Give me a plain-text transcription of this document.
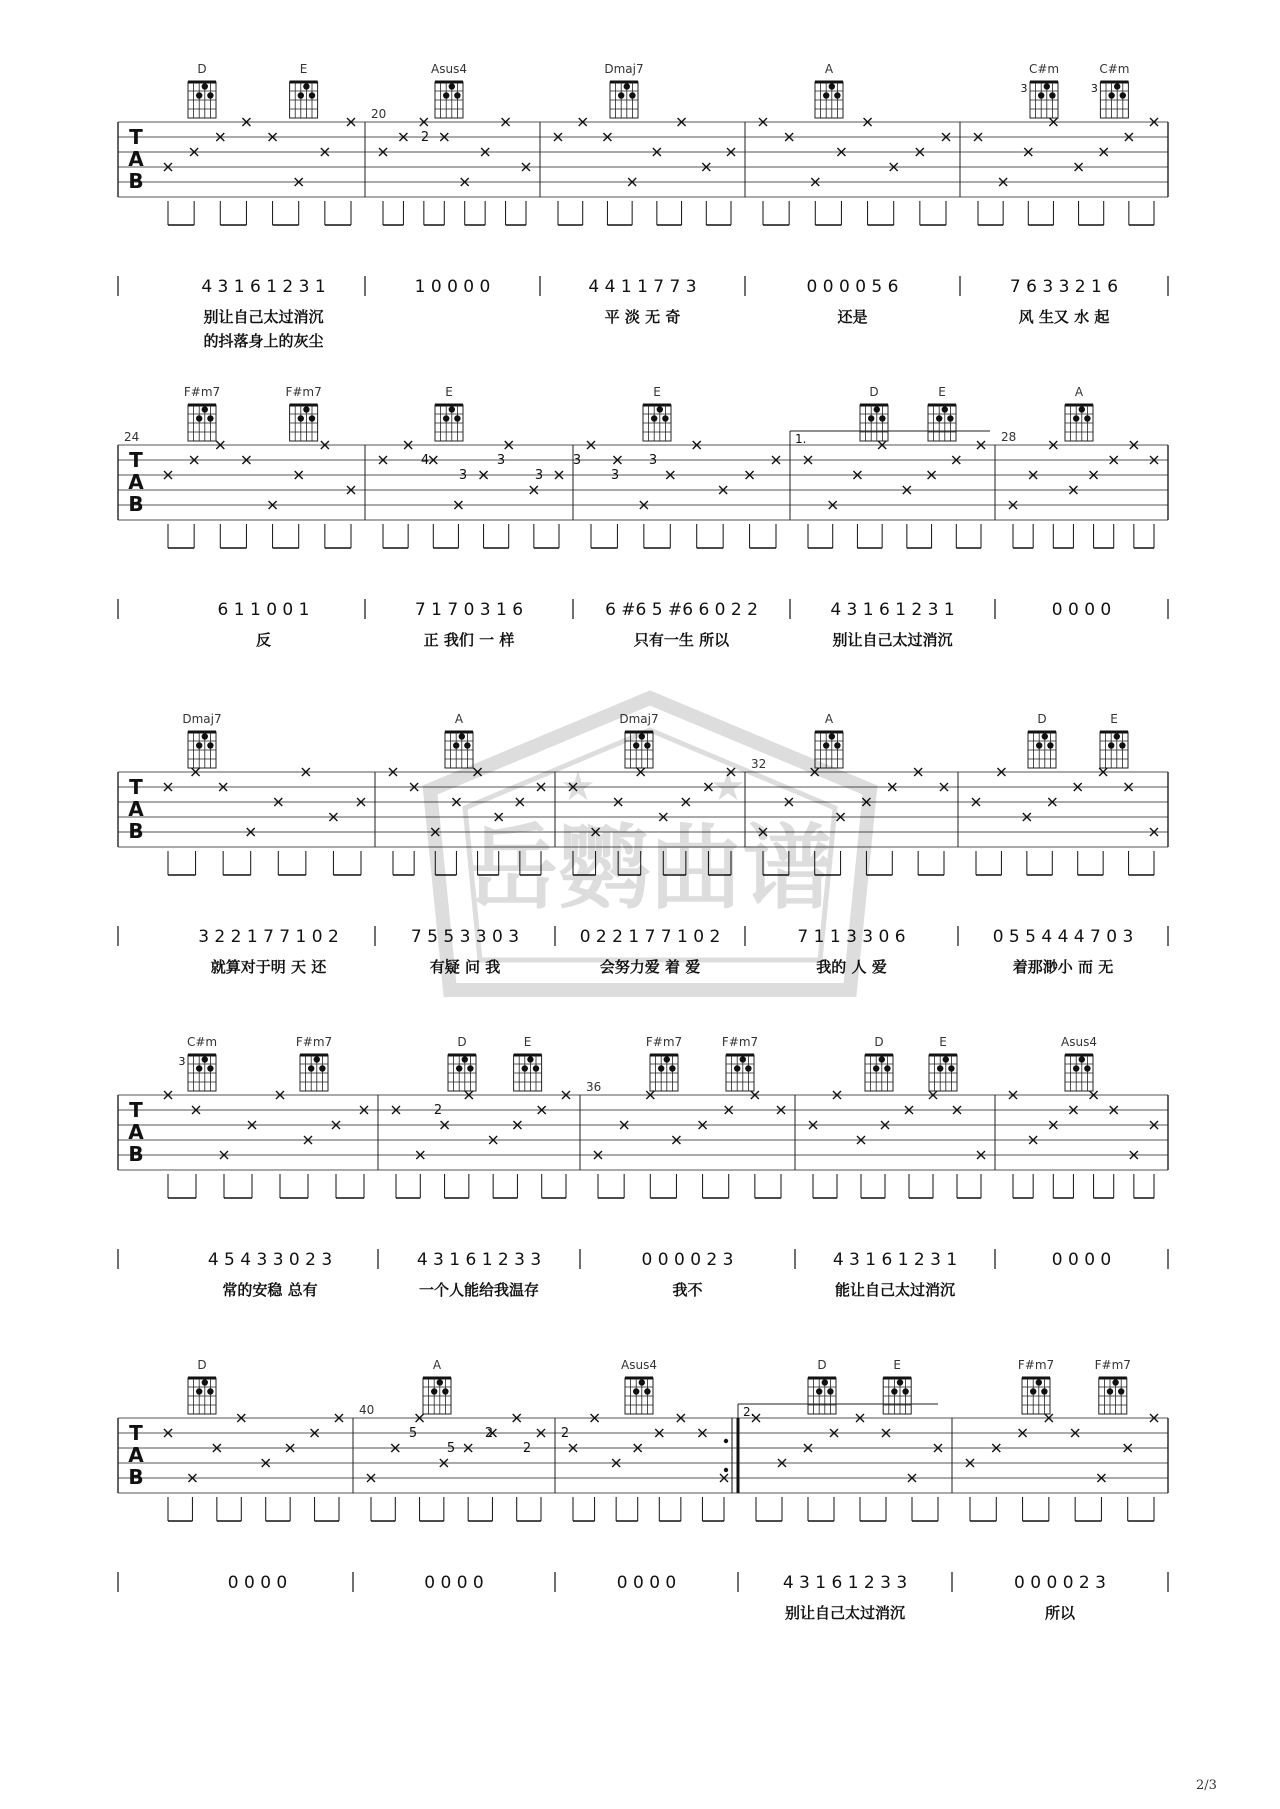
D	E	Asus4	Dmaj7	A	C#m
3
C#m
3
T
A
B
20
2
4 3 1 6 1 2 3 1
别让自己太过消沉
的抖落身上的灰尘
1 0 0 0 0	4 4 1 1 7 7 3
平 淡 无 奇
0 0 0 0 5 6
还是
7 6 3 3 2 1 6
风 生又 水 起
F#m7	F#m7	E	E	D	E	A
T
A
B
24	28
1.
4
3
3
3
3
3
3
6 1 1 0 0 1
反
7 1 7 0 3 1 6
正 我们 一 样
6 #6 5 #6 6 0 2 2
只有一生 所以
4 3 1 6 1 2 3 1
别让自己太过消沉
0 0 0 0
Dmaj7	A	Dmaj7	A	D	E
T
A
B
32
3 2 2 1 7 7 1 0 2
就算对于明 天 还
7 5 5 3 3 0 3
有疑 问 我
0 2 2 1 7 7 1 0 2
会努力爱 着 爱
7 1 1 3 3 0 6
我的 人 爱
0 5 5 4 4 4 7 0 3
着那渺小 而 无
C#m
3
F#m7	D	E	F#m7	F#m7	D	E	Asus4
T
A
B
36
2
4 5 4 3 3 0 2 3
常的安稳 总有
4 3 1 6 1 2 3 3
一个人能给我温存
0 0 0 0 2 3
我不
4 3 1 6 1 2 3 1
能让自己太过消沉
0 0 0 0
D	A	Asus4	D	E	F#m7	F#m7
T
A
B
40	2.
5
5
2
2
2
0 0 0 0	0 0 0 0	0 0 0 0	4 3 1 6 1 2 3 3
别让自己太过消沉
0 0 0 0 2 3
所以
岳鹦曲谱
★	★
2/3
